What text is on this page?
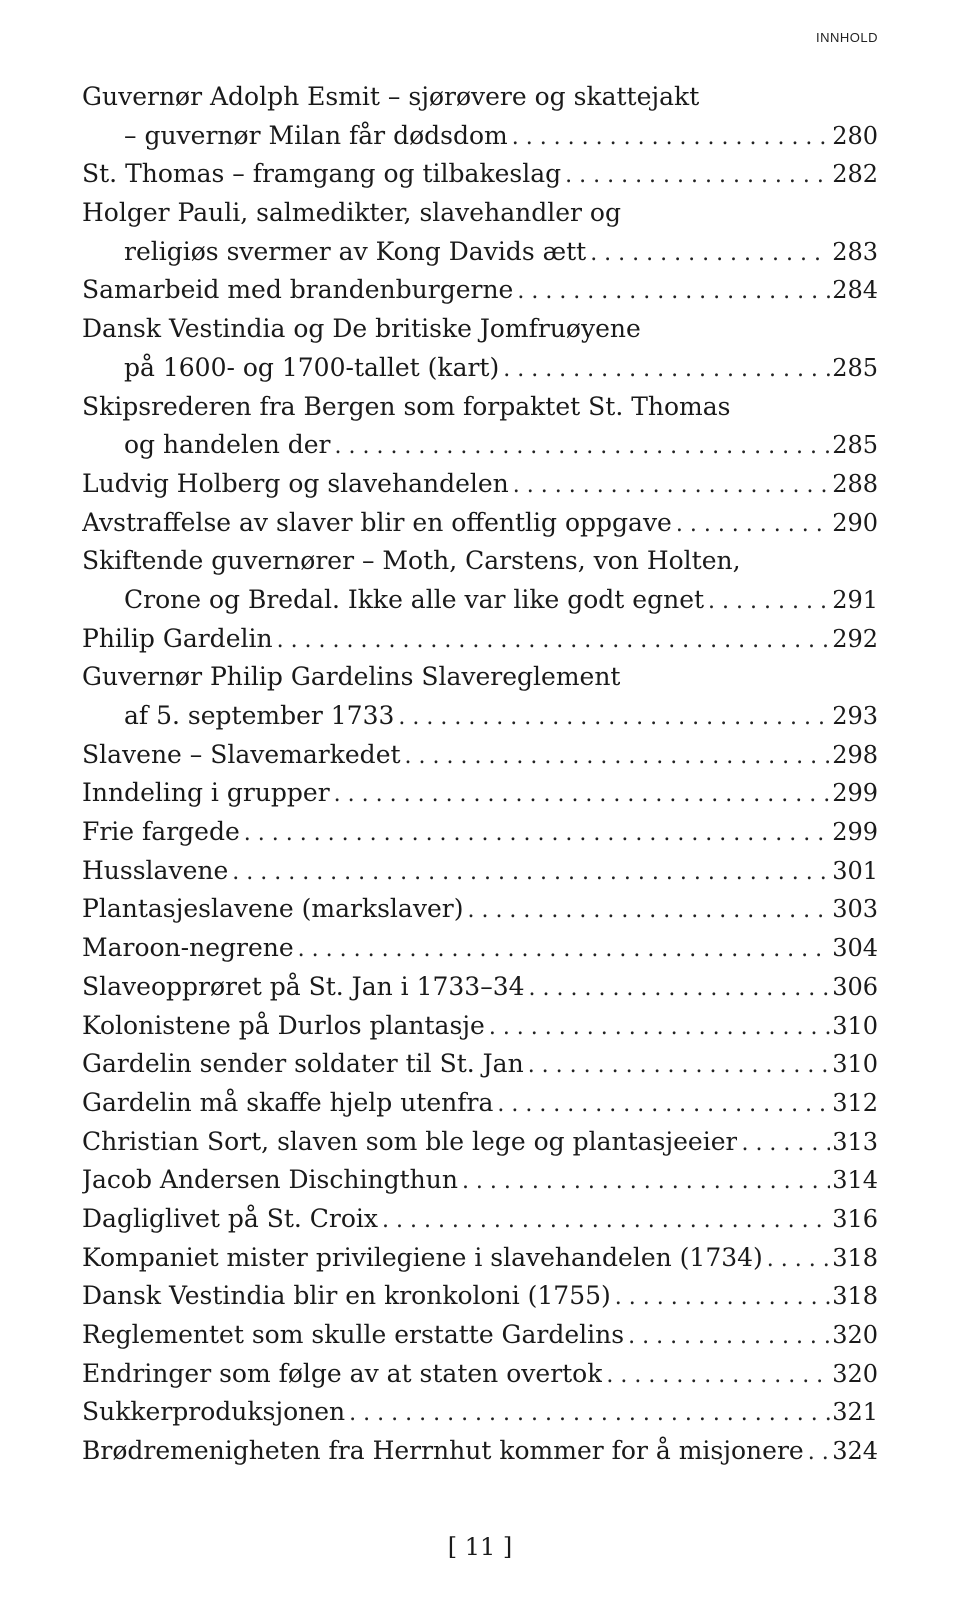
INNHOLD
Guvernør Adolph Esmit – sjørøvere og skattejakt
– guvernør Milan får dødsdom . . .	280
St. Thomas – framgang og tilbakeslag . . .	282
Holger Pauli, salmedikter, slavehandler og
religiøs svermer av Kong Davids ætt . . .	283
Samarbeid med brandenburgerne . . .	284
Dansk Vestindia og De britiske Jomfruøyene
på 1600- og 1700-tallet (kart) . . .	285
Skipsrederen fra Bergen som forpaktet St. Thomas
og handelen der . . .	285
Ludvig Holberg og slavehandelen . . .	288
Avstraffelse av slaver blir en offentlig oppgave . . .	290
Skiftende guvernører – Moth, Carstens, von Holten,
Crone og Bredal. Ikke alle var like godt egnet . . .	291
Philip Gardelin . . .	292
Guvernør Philip Gardelins Slavereglement
af 5. september 1733 . . .	293
Slavene – Slavemarkedet . . .	298
Inndeling i grupper . . .	299
Frie fargede . . .	299
Husslavene . . .	301
Plantasjeslavene (markslaver) . . .	303
Maroon-negrene . . .	304
Slaveopprøret på St. Jan i 1733–34 . . .	306
Kolonistene på Durlos plantasje . . .	310
Gardelin sender soldater til St. Jan . . .	310
Gardelin må skaffe hjelp utenfra . . .	312
Christian Sort, slaven som ble lege og plantasjeeier . . .	313
Jacob Andersen Dischingthun . . .	314
Dagliglivet på St. Croix . . .	316
Kompaniet mister privilegiene i slavehandelen (1734) . . .	318
Dansk Vestindia blir en kronkoloni (1755) . . .	318
Reglementet som skulle erstatte Gardelins . . .	320
Endringer som følge av at staten overtok . . .	320
Sukkerproduksjonen . . .	321
Brødremenigheten fra Herrnhut kommer for å misjonere . . . 324
[ 11 ]
